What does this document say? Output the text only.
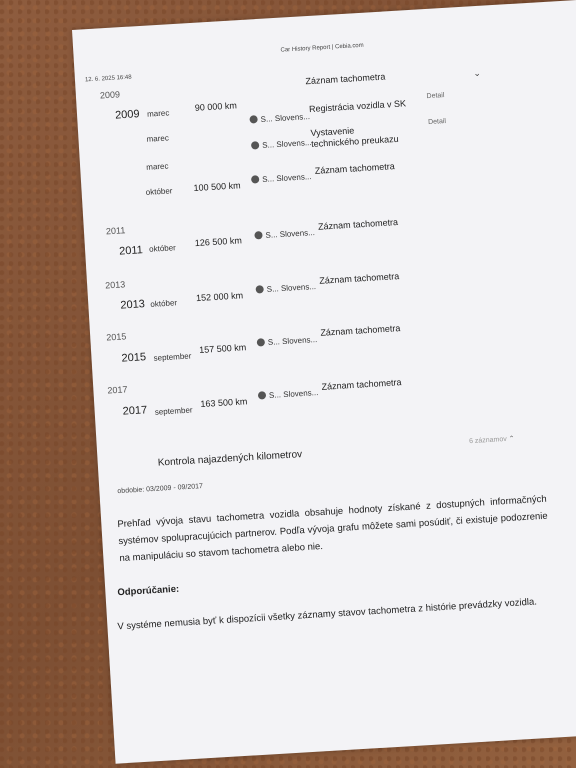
12. 6. 2025 16:48
Car History Report | Cebia.com
2009
2009 marec
90 000 km
Záznam tachometra	⌄
marec
S... Slovens...
Registrácia vozidla v SK
Detail
S... Slovens...
Vystavenie technického preukazu
Detail
marec
október 100 500 km
S... Slovens...
Záznam tachometra
2011
2011 október
126 500 km
S... Slovens...
Záznam tachometra
2013
2013 október
152 000 km
S... Slovens...
Záznam tachometra
2015
2015 september
157 500 km
S... Slovens...
Záznam tachometra
2017
2017 september
163 500 km
S... Slovens...
Záznam tachometra
Kontrola najazdených kilometrov
obdobie: 03/2009 - 09/2017
6 záznamov ⌃
Prehľad vývoja stavu tachometra vozidla obsahuje hodnoty získané z dostupných informačných systémov spolupracujúcich partnerov. Podľa vývoja grafu môžete sami posúdiť, či existuje podozrenie na manipuláciu so stavom tachometra alebo nie.
Odporúčanie:
V systéme nemusia byť k dispozícii všetky záznamy stavov tachometra z histórie prevádzky vozidla.
